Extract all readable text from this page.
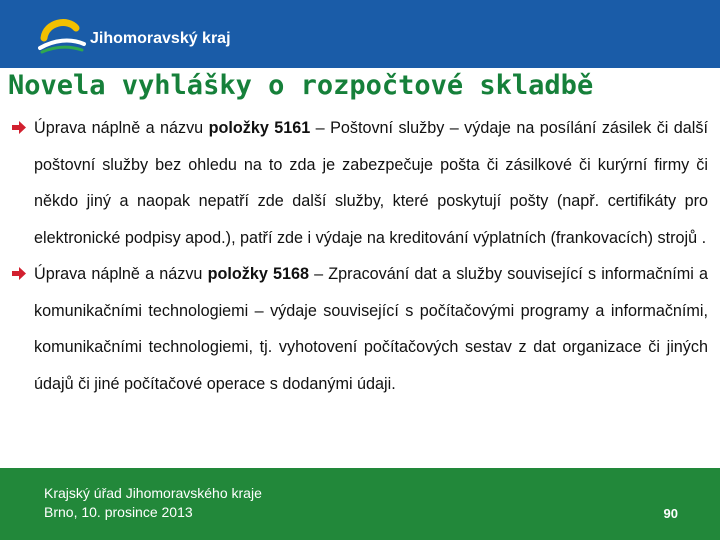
Jihomoravský kraj
Novela vyhlášky o rozpočtové skladbě
Úprava náplně a názvu položky 5161 – Poštovní služby – výdaje na posílání zásilek či další poštovní služby bez ohledu na to zda je zabezpečuje pošta či zásilkové či kurýrní firmy či někdo jiný a naopak nepatří zde další služby, které poskytují pošty (např. certifikáty pro elektronické podpisy apod.), patří zde i výdaje na kreditování výplatních (frankovacích) strojů .
Úprava náplně a názvu položky 5168 – Zpracování dat a služby související s informačními a komunikačními technologiemi – výdaje související s počítačovými programy a informačními, komunikačními technologiemi, tj. vyhotovení počítačových sestav z dat organizace či jiných údajů či jiné počítačové operace s dodanými údaji.
Krajský úřad Jihomoravského kraje
Brno, 10. prosince 2013	90
